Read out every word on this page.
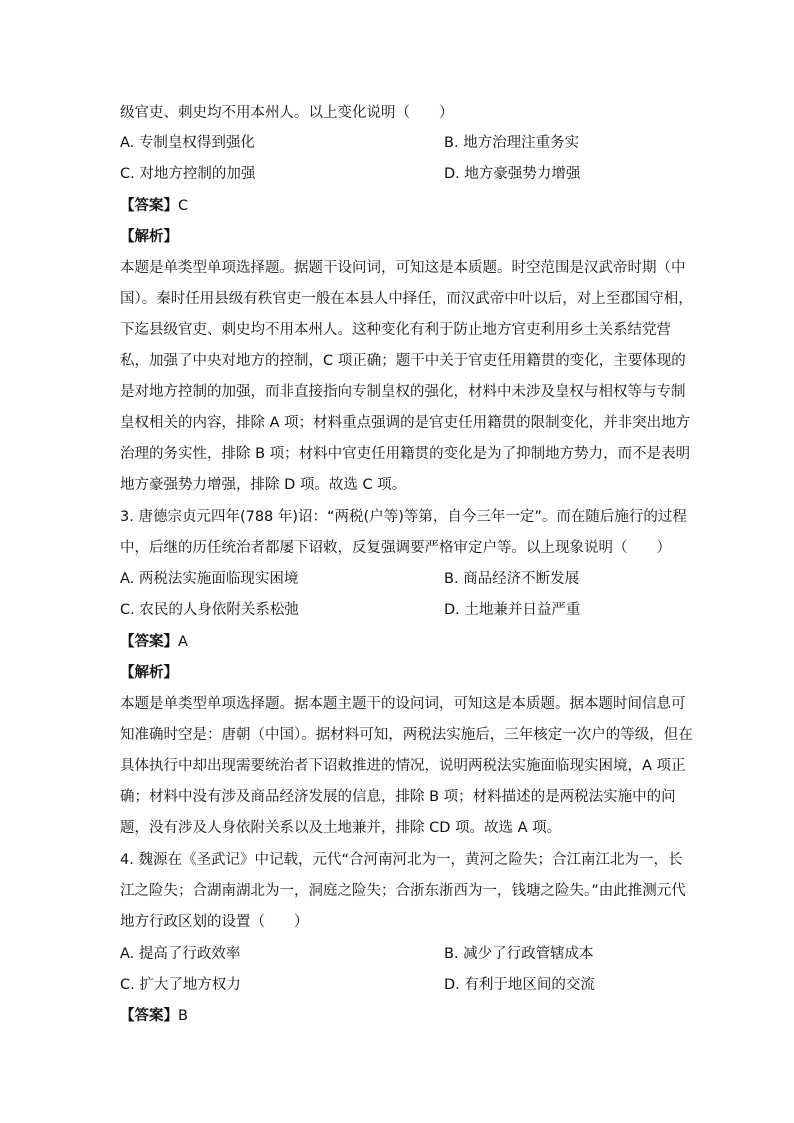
级官吏、刺史均不用本州人。以上变化说明（　　）
A. 专制皇权得到强化	B. 地方治理注重务实
C. 对地方控制的加强	D. 地方豪强势力增强
【答案】C
【解析】
本题是单类型单项选择题。据题干设问词，可知这是本质题。时空范围是汉武帝时期（中
国）。秦时任用县级有秩官吏一般在本县人中择任，而汉武帝中叶以后，对上至郡国守相，
下迄县级官吏、刺史均不用本州人。这种变化有利于防止地方官吏利用乡土关系结党营
私，加强了中央对地方的控制，C 项正确；题干中关于官吏任用籍贯的变化，主要体现的
是对地方控制的加强，而非直接指向专制皇权的强化，材料中未涉及皇权与相权等与专制
皇权相关的内容，排除 A 项；材料重点强调的是官吏任用籍贯的限制变化，并非突出地方
治理的务实性，排除 B 项；材料中官吏任用籍贯的变化是为了抑制地方势力，而不是表明
地方豪强势力增强，排除 D 项。故选 C 项。
3. 唐德宗贞元四年(788 年)诏：“两税(户等)等第，自今三年一定”。而在随后施行的过程
中，后继的历任统治者都屡下诏敕，反复强调要严格审定户等。以上现象说明（　　）
A. 两税法实施面临现实困境	B. 商品经济不断发展
C. 农民的人身依附关系松弛	D. 土地兼并日益严重
【答案】A
【解析】
本题是单类型单项选择题。据本题主题干的设问词，可知这是本质题。据本题时间信息可
知准确时空是：唐朝（中国）。据材料可知，两税法实施后，三年核定一次户的等级，但在
具体执行中却出现需要统治者下诏敕推进的情况，说明两税法实施面临现实困境，A 项正
确；材料中没有涉及商品经济发展的信息，排除 B 项；材料描述的是两税法实施中的问
题，没有涉及人身依附关系以及土地兼并，排除 CD 项。故选 A 项。
4. 魏源在《圣武记》中记载，元代“合河南河北为一，黄河之险失；合江南江北为一，长
江之险失；合湖南湖北为一，洞庭之险失；合浙东浙西为一，钱塘之险失。”由此推测元代
地方行政区划的设置（　　）
A. 提高了行政效率	B. 减少了行政管辖成本
C. 扩大了地方权力	D. 有利于地区间的交流
【答案】B
